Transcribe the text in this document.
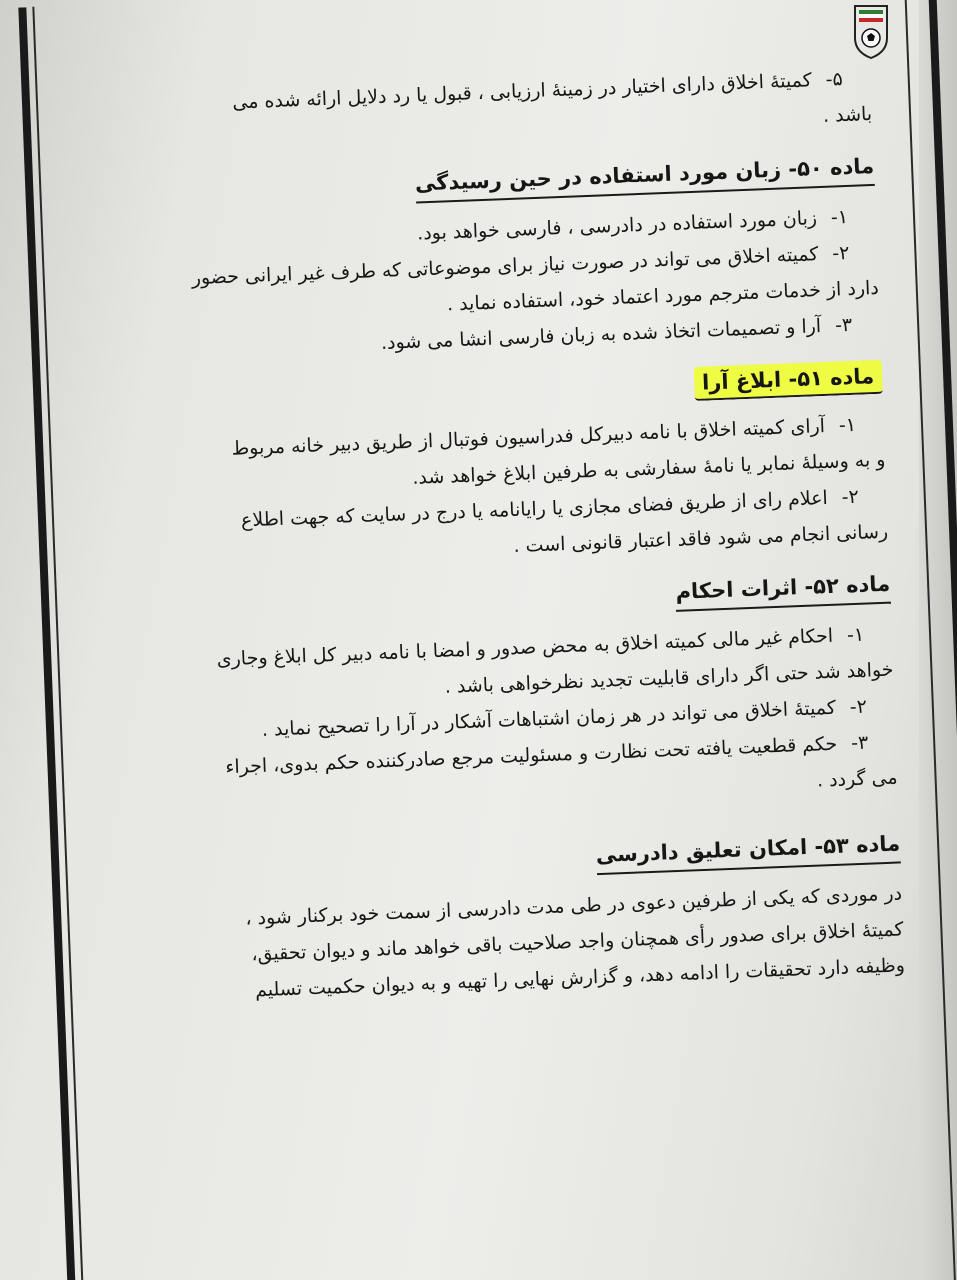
۵-کمیتهٔ اخلاق دارای اختیار در زمینهٔ ارزیابی ، قبول یا رد دلایل ارائه شده می
باشد .
ماده ۵۰- زبان مورد استفاده در حین رسیدگی
۱-زبان مورد استفاده در دادرسی ، فارسی خواهد بود.
۲-کمیته اخلاق می تواند در صورت نیاز برای موضوعاتی که طرف غیر ایرانی حضور
دارد از خدمات مترجم مورد اعتماد خود، استفاده نماید .
۳-آرا و تصمیمات اتخاذ شده به زبان فارسی انشا می شود.
ماده ۵۱- ابلاغ آرا
۱-آرای کمیته اخلاق با نامه دبیرکل فدراسیون فوتبال از طریق دبیر خانه مربوط
و به وسیلهٔ نمابر یا نامهٔ سفارشی به طرفین ابلاغ خواهد شد.
۲-اعلام رای از طریق فضای مجازی یا رایانامه یا درج در سایت که جهت اطلاع
رسانی انجام می شود فاقد اعتبار قانونی است .
ماده ۵۲- اثرات احکام
۱-احکام غیر مالی کمیته اخلاق به محض صدور و امضا با نامه دبیر کل ابلاغ وجاری
خواهد شد حتی اگر دارای قابلیت تجدید نظرخواهی باشد .
۲-کمیتهٔ اخلاق می تواند در هر زمان اشتباهات آشکار در آرا را تصحیح نماید .
۳-حکم قطعیت یافته تحت نظارت و مسئولیت مرجع صادرکننده حکم بدوی، اجراء
می گردد .
ماده ۵۳- امکان تعلیق دادرسی
در موردی که یکی از طرفین دعوی در طی مدت دادرسی از سمت خود برکنار شود ،
کمیتهٔ اخلاق برای صدور رأی همچنان واجد صلاحیت باقی خواهد ماند و دیوان تحقیق،
وظیفه دارد تحقیقات را ادامه دهد، و گزارش نهایی را تهیه و به دیوان حکمیت تسلیم
